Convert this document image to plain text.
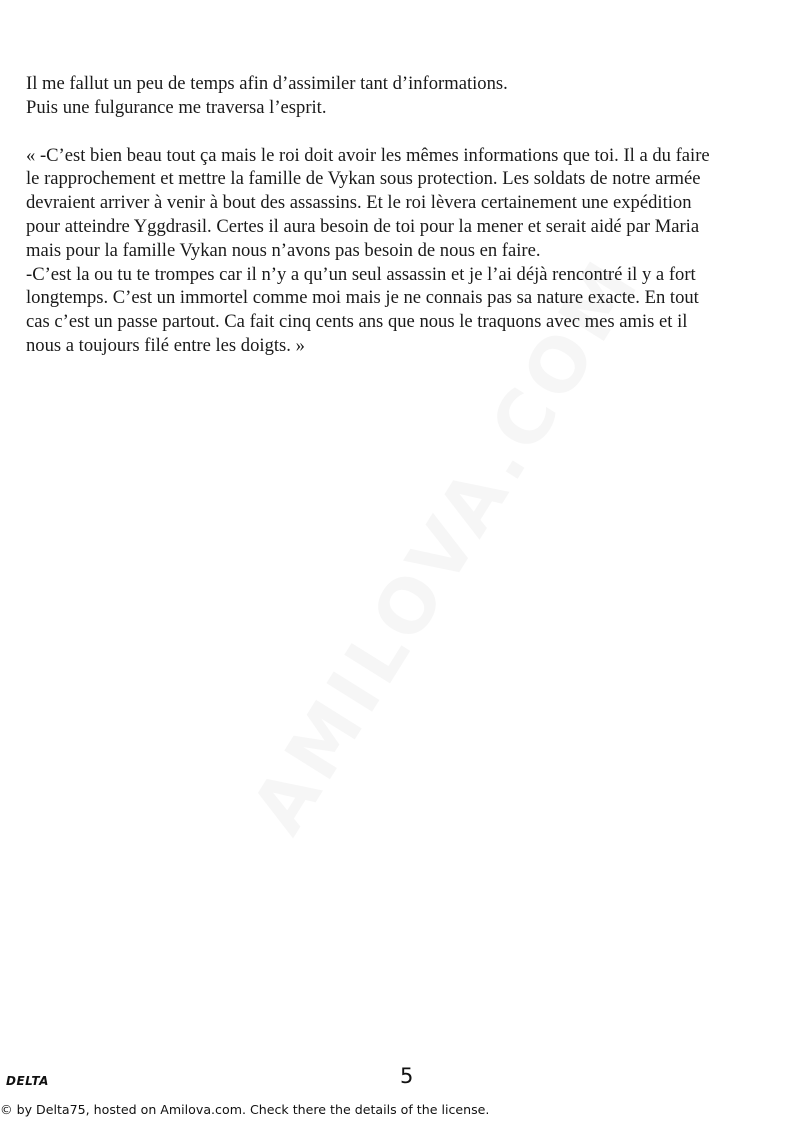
Il me fallut un peu de temps afin d’assimiler tant d’informations.

Puis une fulgurance me traversa l’esprit.

« -C’est bien beau tout ça mais le roi doit avoir les mêmes informations que toi. Il a du faire

le rapprochement et mettre la famille de Vykan sous protection. Les soldats de notre armée

devraient arriver à venir à bout des assassins. Et le roi lèvera certainement une expédition

pour atteindre Yggdrasil. Certes il aura besoin de toi pour la mener et serait aidé par Maria

mais pour la famille Vykan nous n’avons pas besoin de nous en faire.

-C’est la ou tu te trompes car il n’y a qu’un seul assassin et je l’ai déjà rencontré il y a fort

longtemps. C’est un immortel comme moi mais je ne connais pas sa nature exacte. En tout

cas c’est un passe partout. Ca fait cinq cents ans que nous le traquons avec mes amis et il

nous a toujours filé entre les doigts. »

DELTA	5
© by Delta75, hosted on Amilova.com. Check there the details of the license.
